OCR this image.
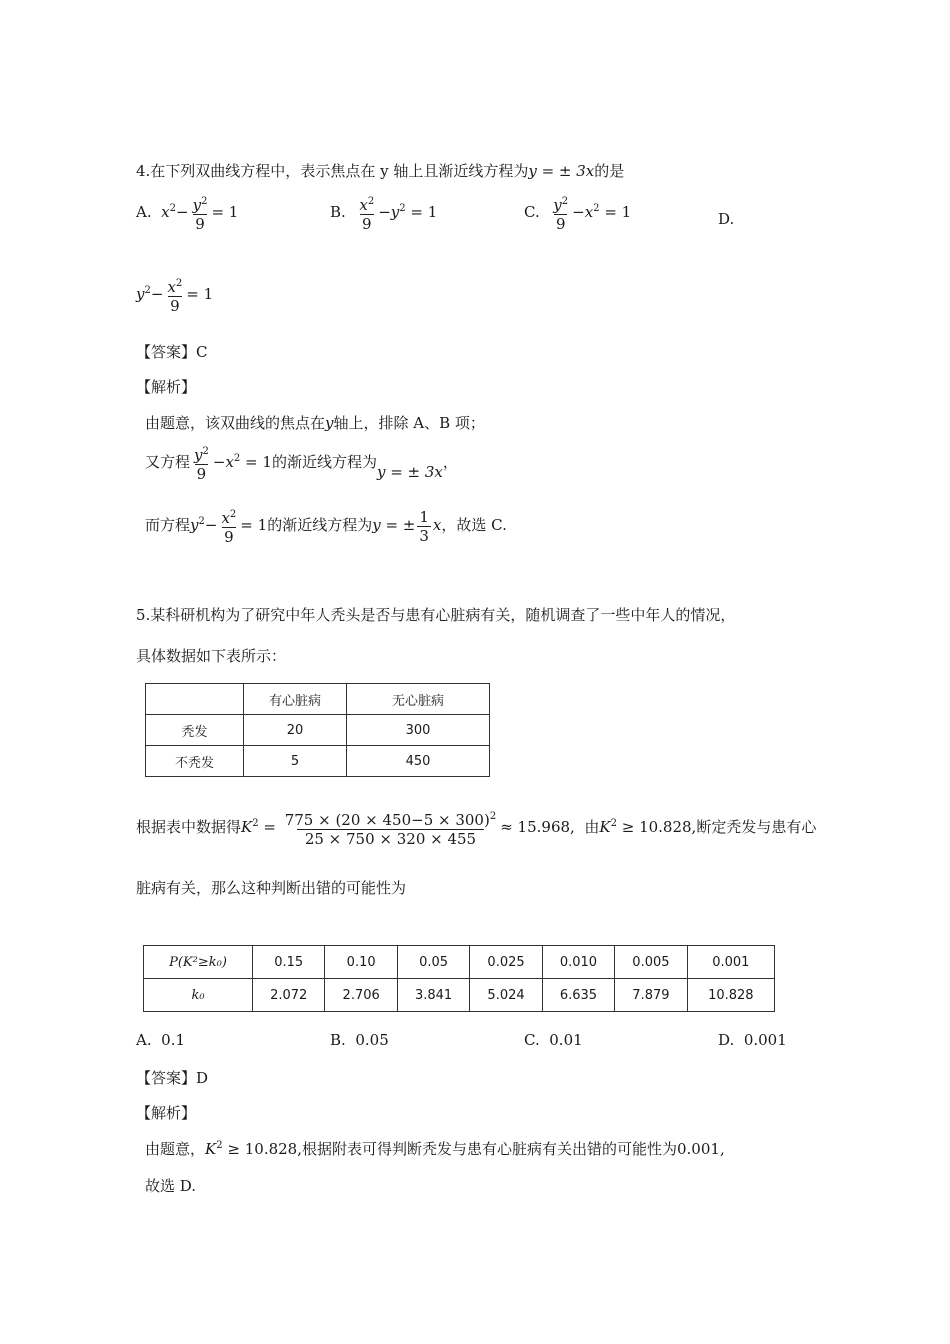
4.在下列双曲线方程中，表示焦点在 y 轴上且渐近线方程为y = ± 3x的是
A.  $x^2- \frac{y^2}{9} = 1$	B. $\frac{x^2}{9} -y^2 = 1$	C. $\frac{y^2}{9} -x^2 = 1$	D.
$y^2- \frac{x^2}{9} = 1$
【答案】C
【解析】
由题意，该双曲线的焦点在y轴上，排除 A、B 项；
又方程 $\frac{y^2}{9} -x^2 = 1$的渐近线方程为y = ± 3x，
而方程$y^2- \frac{x^2}{9} = 1$的渐近线方程为y = ± $\frac{1}{3}$ x，故选 C.
5.某科研机构为了研究中年人秃头是否与患有心脏病有关，随机调查了一些中年人的情况，
具体数据如下表所示：
	有心脏病	无心脏病
秃发	20	300
不秃发	5	450
根据表中数据得$K^2 = \frac{775 \times (20 \times 450-5 \times 300)^2}{25 \times 750 \times 320 \times 455} \approx 15.968$, 由$K^2 \ge 10.828$,断定秃发与患有心
脏病有关，那么这种判断出错的可能性为
P(K²≥k₀)	0.15	0.10	0.05	0.025	0.010	0.005	0.001
k₀	2.072	2.706	3.841	5.024	6.635	7.879	10.828
A. 0.1	B. 0.05	C. 0.01	D. 0.001
【答案】D
【解析】
由题意，$K^2 \ge 10.828$,根据附表可得判断秃发与患有心脏病有关出错的可能性为0.001,
故选 D.
